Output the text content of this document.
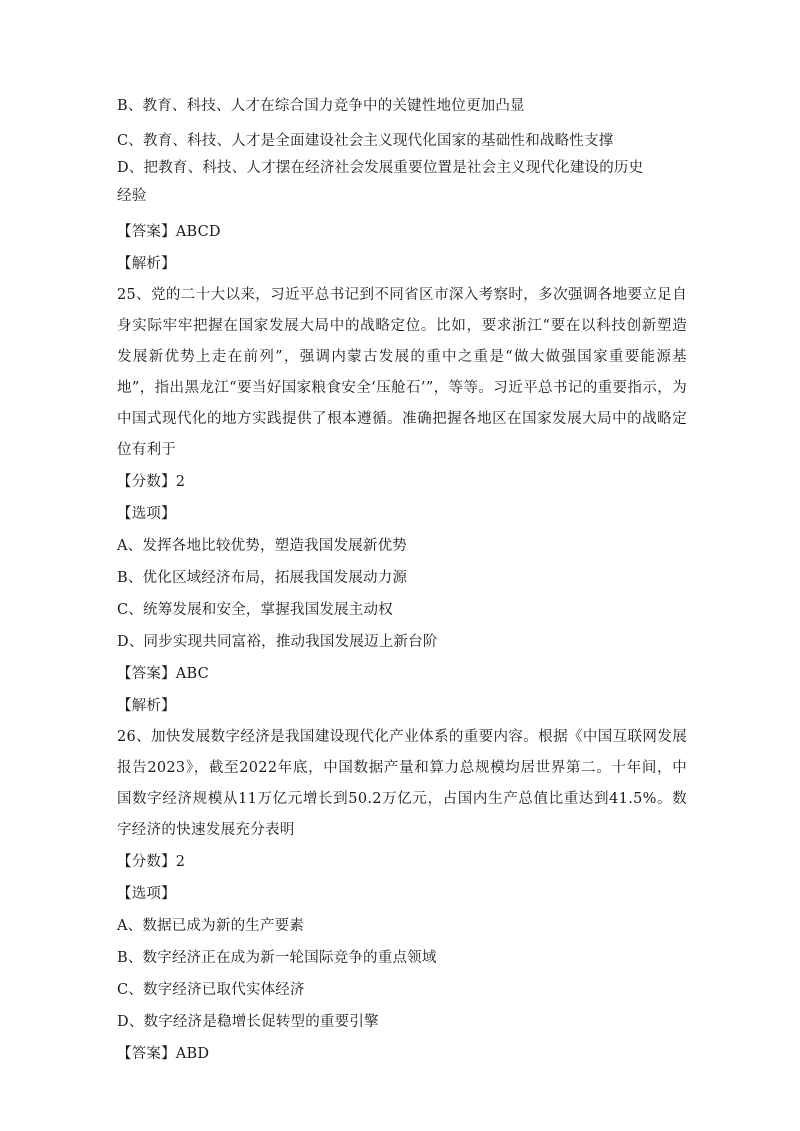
B、教育、科技、人才在综合国力竞争中的关键性地位更加凸显
C、教育、科技、人才是全面建设社会主义现代化国家的基础性和战略性支撑
D、把教育、科技、人才摆在经济社会发展重要位置是社会主义现代化建设的历史
经验
【答案】ABCD
【解析】
25、党的二十大以来，习近平总书记到不同省区市深入考察时，多次强调各地要立足自身实际牢牢把握在国家发展大局中的战略定位。比如，要求浙江“要在以科技创新塑造发展新优势上走在前列”，强调内蒙古发展的重中之重是“做大做强国家重要能源基地”，指出黑龙江“要当好国家粮食安全‘压舱石’”，等等。习近平总书记的重要指示，为中国式现代化的地方实践提供了根本遵循。准确把握各地区在国家发展大局中的战略定位有利于
【分数】2
【选项】
A、发挥各地比较优势，塑造我国发展新优势
B、优化区域经济布局，拓展我国发展动力源
C、统筹发展和安全，掌握我国发展主动权
D、同步实现共同富裕，推动我国发展迈上新台阶
【答案】ABC
【解析】
26、加快发展数字经济是我国建设现代化产业体系的重要内容。根据《中国互联网发展报告2023》，截至2022年底，中国数据产量和算力总规模均居世界第二。十年间，中国数字经济规模从11万亿元增长到50.2万亿元，占国内生产总值比重达到41.5%。数字经济的快速发展充分表明
【分数】2
【选项】
A、数据已成为新的生产要素
B、数字经济正在成为新一轮国际竞争的重点领域
C、数字经济已取代实体经济
D、数字经济是稳增长促转型的重要引擎
【答案】ABD
